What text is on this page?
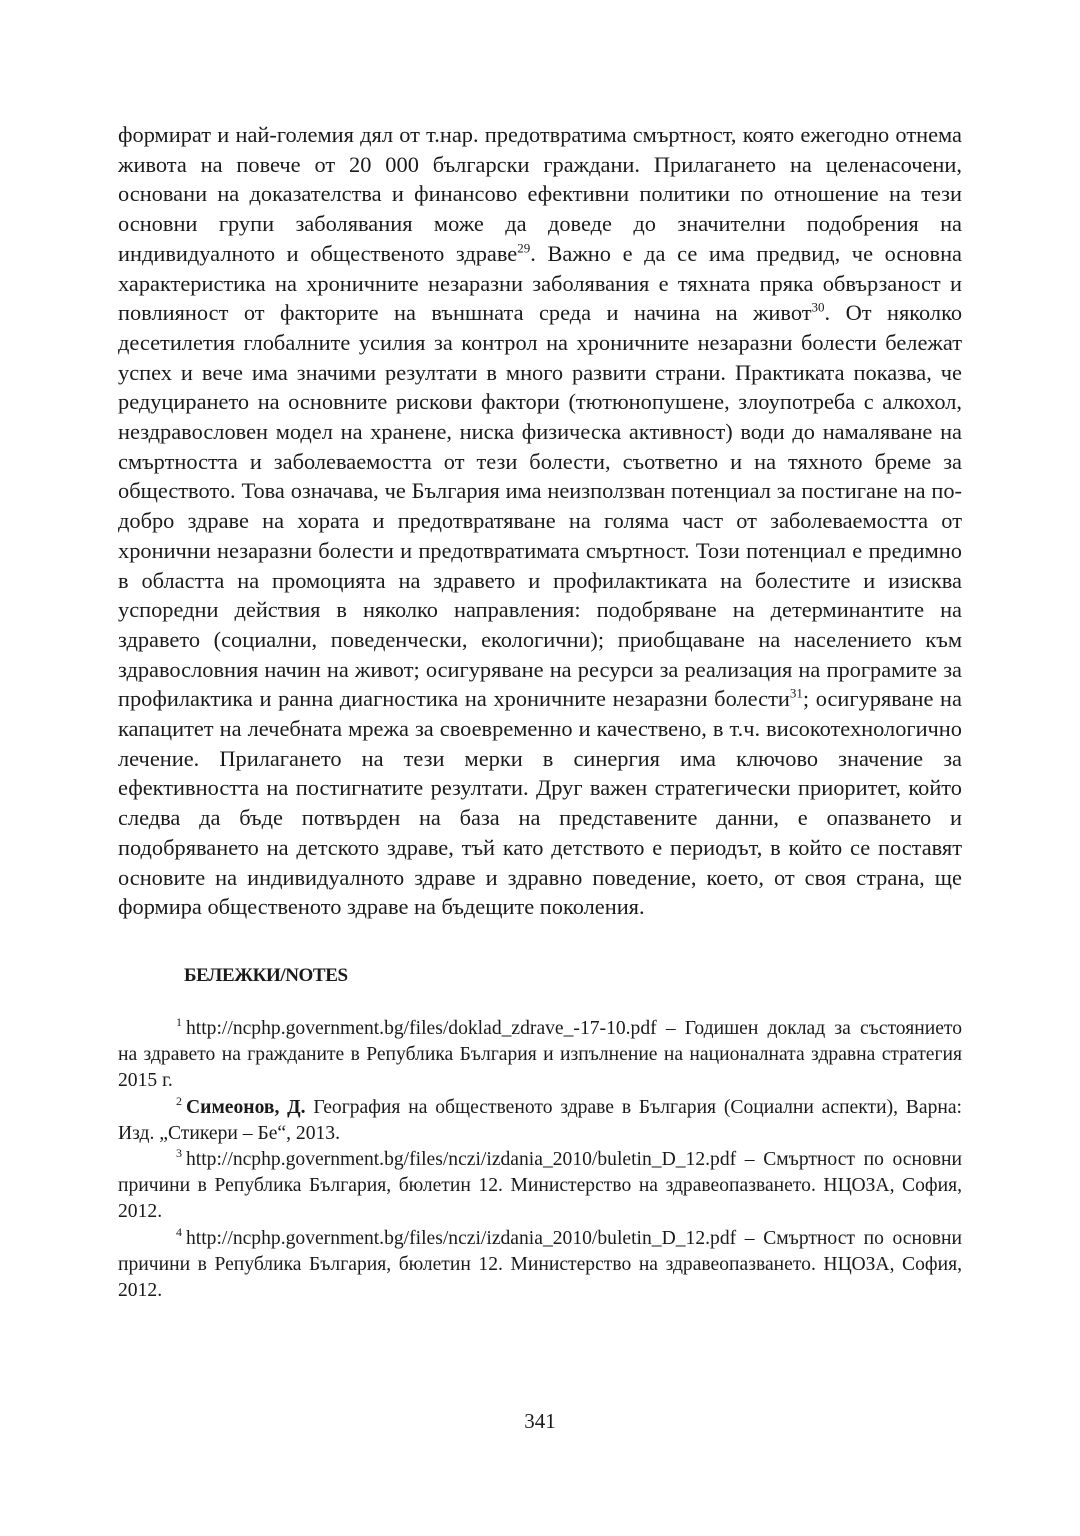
формират и най-големия дял от т.нар. предотвратима смъртност, която ежегодно отнема живота на повече от 20 000 български граждани. Прилагането на целенасочени, основани на доказателства и финансово ефективни политики по отношение на тези основни групи заболявания може да доведе до значителни подобрения на индивидуалното и общественото здраве$^{29}$. Важно е да се има предвид, че основна характеристика на хроничните незаразни заболявания е тяхната пряка обвързаност и повлияност от факторите на външната среда и начина на живот$^{30}$. От няколко десетилетия глобалните усилия за контрол на хроничните незаразни болести бележат успех и вече има значими резултати в много развити страни. Практиката показва, че редуцирането на основните рискови фактори (тютюнопушене, злоупотреба с алкохол, нездравословен модел на хранене, ниска физическа активност) води до намаляване на смъртността и заболеваемостта от тези болести, съответно и на тяхното бреме за обществото. Това означава, че България има неизползван потенциал за постигане на по-добро здраве на хората и предотвратяване на голяма част от заболеваемостта от хронични незаразни болести и предотвратимата смъртност. Този потенциал е предимно в областта на промоцията на здравето и профилактиката на болестите и изисква успоредни действия в няколко направления: подобряване на детерминантите на здравето (социални, поведенчески, екологични); приобщаване на населението към здравословния начин на живот; осигуряване на ресурси за реализация на програмите за профилактика и ранна диагностика на хроничните незаразни болести$^{31}$; осигуряване на капацитет на лечебната мрежа за своевременно и качествено, в т.ч. високотехнологично лечение. Прилагането на тези мерки в синергия има ключово значение за ефективността на постигнатите резултати. Друг важен стратегически приоритет, който следва да бъде потвърден на база на представените данни, е опазването и подобряването на детското здраве, тъй като детството е периодът, в който се поставят основите на индивидуалното здраве и здравно поведение, което, от своя страна, ще формира общественото здраве на бъдещите поколения.

БЕЛЕЖКИ/NOTES

$^1$ http://ncphp.government.bg/files/doklad_zdrave_-17-10.pdf – Годишен доклад за състоянието на здравето на гражданите в Република България и изпълнение на националната здравна стратегия 2015 г.

$^2$ Симеонов, Д. География на общественото здраве в България (Социални аспекти), Варна: Изд. „Стикери – Бе“, 2013.

$^3$ http://ncphp.government.bg/files/nczi/izdania_2010/buletin_D_12.pdf – Смъртност по основни причини в Република България, бюлетин 12. Министерство на здравеопазването. НЦОЗА, София, 2012.

$^4$ http://ncphp.government.bg/files/nczi/izdania_2010/buletin_D_12.pdf – Смъртност по основни причини в Република България, бюлетин 12. Министерство на здравеопазването. НЦОЗА, София, 2012.

341
